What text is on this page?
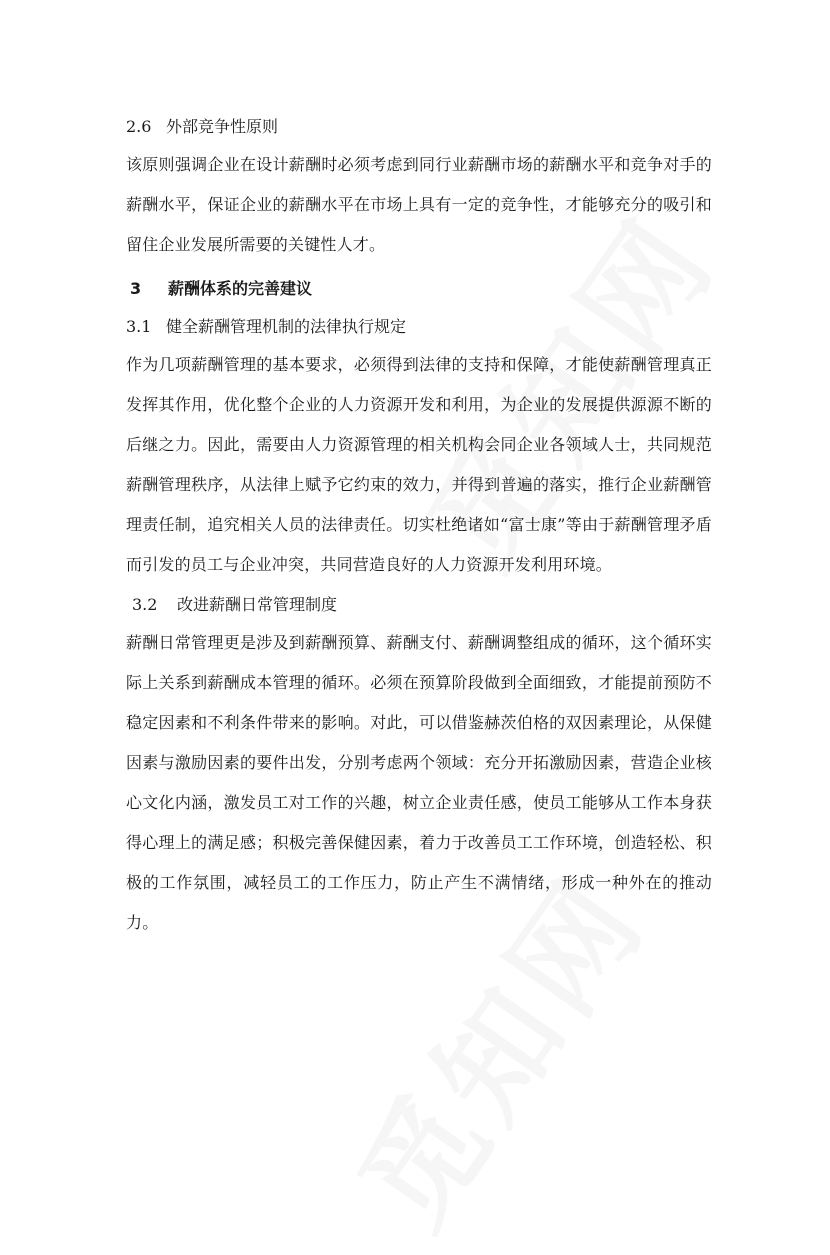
2.6 外部竞争性原则

该原则强调企业在设计薪酬时必须考虑到同行业薪酬市场的薪酬水平和竞争对手的薪酬水平，保证企业的薪酬水平在市场上具有一定的竞争性，才能够充分的吸引和留住企业发展所需要的关键性人才。

3 薪酬体系的完善建议
3.1 健全薪酬管理机制的法律执行规定

作为几项薪酬管理的基本要求，必须得到法律的支持和保障，才能使薪酬管理真正发挥其作用，优化整个企业的人力资源开发和利用，为企业的发展提供源源不断的后继之力。因此，需要由人力资源管理的相关机构会同企业各领域人士，共同规范薪酬管理秩序，从法律上赋予它约束的效力，并得到普遍的落实，推行企业薪酬管理责任制，追究相关人员的法律责任。切实杜绝诸如“富士康”等由于薪酬管理矛盾而引发的员工与企业冲突，共同营造良好的人力资源开发利用环境。

3.2 改进薪酬日常管理制度

薪酬日常管理更是涉及到薪酬预算、薪酬支付、薪酬调整组成的循环，这个循环实际上关系到薪酬成本管理的循环。必须在预算阶段做到全面细致，才能提前预防不稳定因素和不利条件带来的影响。对此，可以借鉴赫茨伯格的双因素理论，从保健因素与激励因素的要件出发，分别考虑两个领域：充分开拓激励因素，营造企业核心文化内涵，激发员工对工作的兴趣，树立企业责任感，使员工能够从工作本身获得心理上的满足感；积极完善保健因素，着力于改善员工工作环境，创造轻松、积极的工作氛围，减轻员工的工作压力，防止产生不满情绪，形成一种外在的推动力。
